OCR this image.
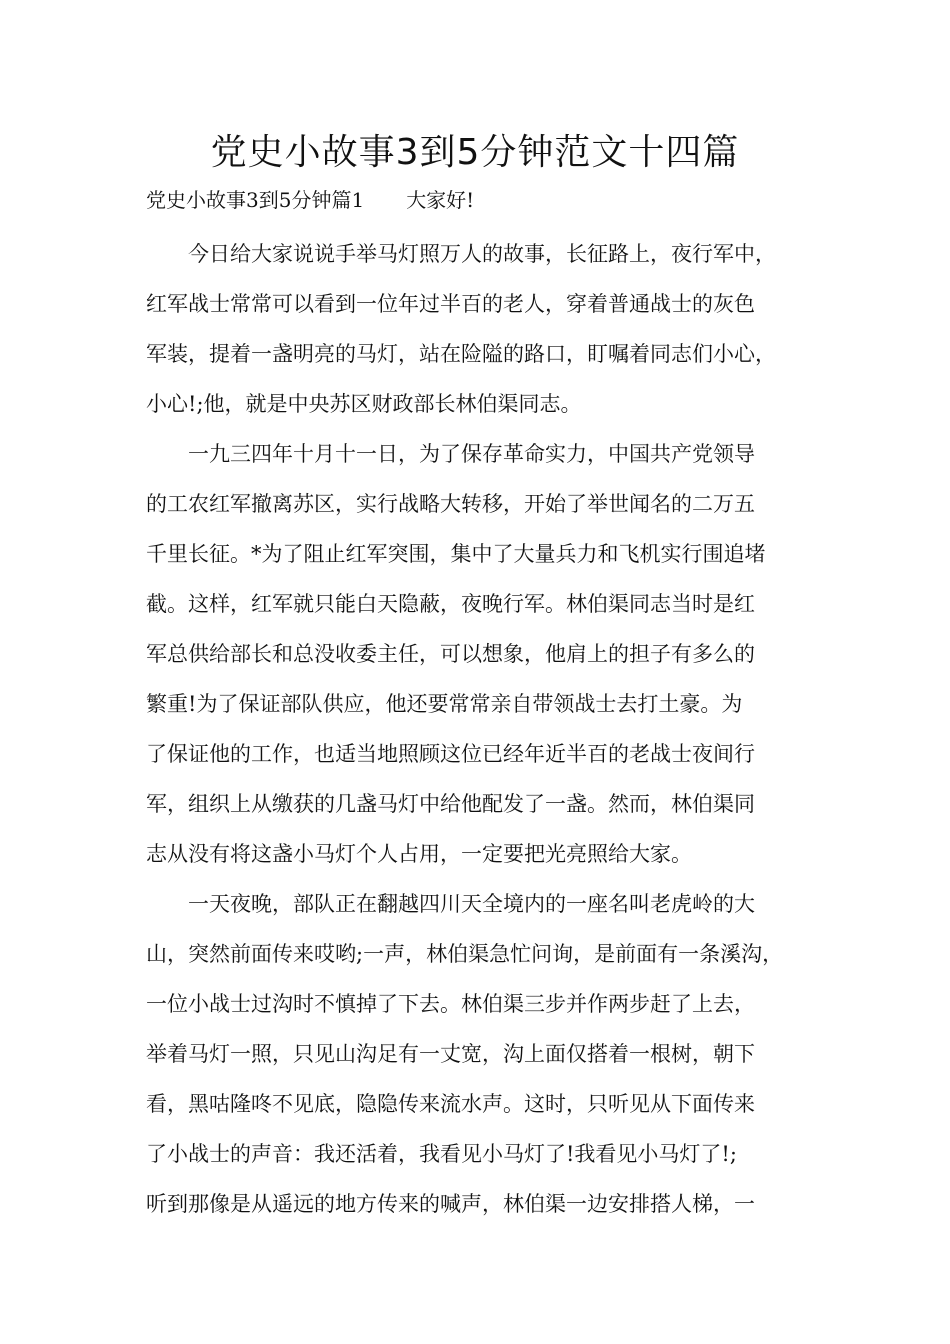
党史小故事3到5分钟范文十四篇
党史小故事3到5分钟篇1 大家好!
今日给大家说说手举马灯照万人的故事，长征路上，夜行军中，
红军战士常常可以看到一位年过半百的老人，穿着普通战士的灰色
军装，提着一盏明亮的马灯，站在险隘的路口，盯嘱着同志们小心，
小心!;他，就是中央苏区财政部长林伯渠同志。
一九三四年十月十一日，为了保存革命实力，中国共产党领导
的工农红军撤离苏区，实行战略大转移，开始了举世闻名的二万五
千里长征。*为了阻止红军突围，集中了大量兵力和飞机实行围追堵
截。这样，红军就只能白天隐蔽，夜晚行军。林伯渠同志当时是红
军总供给部长和总没收委主任，可以想象，他肩上的担子有多么的
繁重!为了保证部队供应，他还要常常亲自带领战士去打土豪。为
了保证他的工作，也适当地照顾这位已经年近半百的老战士夜间行
军，组织上从缴获的几盏马灯中给他配发了一盏。然而，林伯渠同
志从没有将这盏小马灯个人占用，一定要把光亮照给大家。
一天夜晚，部队正在翻越四川天全境内的一座名叫老虎岭的大
山，突然前面传来哎哟;一声，林伯渠急忙问询，是前面有一条溪沟，
一位小战士过沟时不慎掉了下去。林伯渠三步并作两步赶了上去，
举着马灯一照，只见山沟足有一丈宽，沟上面仅搭着一根树，朝下
看，黑咕隆咚不见底，隐隐传来流水声。这时，只听见从下面传来
了小战士的声音：我还活着，我看见小马灯了!我看见小马灯了!;
听到那像是从遥远的地方传来的喊声，林伯渠一边安排搭人梯，一
